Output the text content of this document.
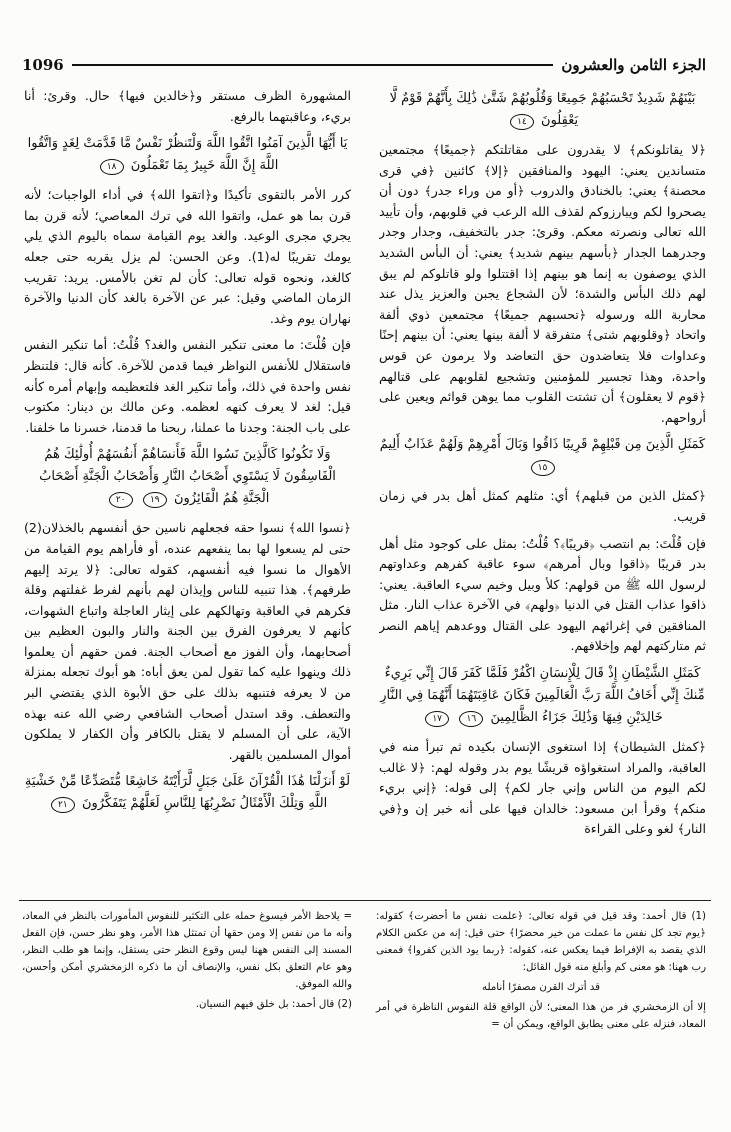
الجزء الثامن والعشرون
1096
بَيْنَهُمْ شَدِيدٌ تَحْسَبُهُمْ جَمِيعًا وَقُلُوبُهُمْ شَتَّىٰ ذَٰلِكَ بِأَنَّهُمْ قَوْمٌ لَّا يَعْقِلُونَ ١٤

﴿لا يقاتلونكم﴾ لا يقدرون على مقاتلتكم ﴿جميعًا﴾ مجتمعين متساندين يعني: اليهود والمنافقين ﴿إلا﴾ كائنين ﴿في قرى محصنة﴾ يعني: بالخنادق والدروب ﴿أو من وراء جدر﴾ دون أن يصحروا لكم ويبارزوكم لقذف الله الرعب في قلوبهم، وأن تأييد الله تعالى ونصرته معكم. وقرئ: جدر بالتخفيف، وجدار وجدر وجدرهما الجدار ﴿بأسهم بينهم شديد﴾ يعني: أن البأس الشديد الذي يوصفون به إنما هو بينهم إذا اقتتلوا ولو قاتلوكم لم يبق لهم ذلك البأس والشدة؛ لأن الشجاع يجبن والعزيز يذل عند محاربة الله ورسوله ﴿تحسبهم جميعًا﴾ مجتمعين ذوي ألفة واتحاد ﴿وقلوبهم شتى﴾ متفرقة لا ألفة بينها يعني: أن بينهم إحنًا وعداوات فلا يتعاضدون حق التعاضد ولا يرمون عن قوس واحدة، وهذا تجسير للمؤمنين وتشجيع لقلوبهم على قتالهم ﴿قوم لا يعقلون﴾ أن تشتت القلوب مما يوهن قوائم ويعين على أرواحهم.

كَمَثَلِ الَّذِينَ مِن قَبْلِهِمْ قَرِيبًا ذَاقُوا وَبَالَ أَمْرِهِمْ وَلَهُمْ عَذَابٌ أَلِيمٌ ١٥

﴿كمثل الذين من قبلهم﴾ أي: مثلهم كمثل أهل بدر في زمان قريب.

فإن قُلْتَ: بم انتصب ﴿قريبًا﴾؟ قُلْتُ: بمثل على كوجود مثل أهل بدر قريبًا ﴿ذاقوا وبال أمرهم﴾ سوء عاقبة كفرهم وعداوتهم لرسول الله ﷺ من قولهم: كلأ وبيل وخيم سيء العاقبة. يعني: ذاقوا عذاب القتل في الدنيا ﴿ولهم﴾ في الآخرة عذاب النار. مثل المنافقين في إغرائهم اليهود على القتال ووعدهم إياهم النصر ثم متاركتهم لهم وإخلافهم.

كَمَثَلِ الشَّيْطَانِ إِذْ قَالَ لِلْإِنسَانِ اكْفُرْ فَلَمَّا كَفَرَ قَالَ إِنِّي بَرِيءٌ مِّنكَ إِنِّي أَخَافُ اللَّهَ رَبَّ الْعَالَمِينَ فَكَانَ عَاقِبَتَهُمَا أَنَّهُمَا فِي النَّارِ خَالِدَيْنِ فِيهَا وَذَٰلِكَ جَزَاءُ الظَّالِمِينَ ١٦ ١٧

﴿كمثل الشيطان﴾ إذا استغوى الإنسان بكيده ثم تبرأ منه في العاقبة، والمراد استغواؤه قريشًا يوم بدر وقوله لهم: ﴿لا غالب لكم اليوم من الناس وإني جار لكم﴾ إلى قوله: ﴿إني بريء منكم﴾ وقرأ ابن مسعود: خالدان فيها على أنه خبر إن و﴿في النار﴾ لغو وعلى القراءة

المشهورة الظرف مستقر و﴿خالدين فيها﴾ حال. وقرئ: أنا بريء، وعاقبتهما بالرفع.

يَا أَيُّهَا الَّذِينَ آمَنُوا اتَّقُوا اللَّهَ وَلْتَنظُرْ نَفْسٌ مَّا قَدَّمَتْ لِغَدٍ وَاتَّقُوا اللَّهَ إِنَّ اللَّهَ خَبِيرٌ بِمَا تَعْمَلُونَ ١٨

كرر الأمر بالتقوى تأكيدًا و﴿اتقوا الله﴾ في أداء الواجبات؛ لأنه قرن بما هو عمل، واتقوا الله في ترك المعاصي؛ لأنه قرن بما يجري مجرى الوعيد. والغد يوم القيامة سماه باليوم الذي يلي يومك تقريبًا له(1). وعن الحسن: لم يزل يقربه حتى جعله كالغد، ونحوه قوله تعالى: كأن لم تغن بالأمس. يريد: تقريب الزمان الماضي وقيل: عبر عن الآخرة بالغد كأن الدنيا والآخرة نهاران يوم وغد.

فإن قُلْتَ: ما معنى تنكير النفس والغد؟ قُلْتُ: أما تنكير النفس فاستقلال للأنفس النواظر فيما قدمن للآخرة. كأنه قال: فلتنظر نفس واحدة في ذلك، وأما تنكير الغد فلتعظيمه وإبهام أمره كأنه قيل: لغد لا يعرف كنهه لعظمه. وعن مالك بن دينار: مكتوب على باب الجنة: وجدنا ما عملنا، ربحنا ما قدمنا، خسرنا ما خلفنا.

وَلَا تَكُونُوا كَالَّذِينَ نَسُوا اللَّهَ فَأَنسَاهُمْ أَنفُسَهُمْ أُولَٰئِكَ هُمُ الْفَاسِقُونَ لَا يَسْتَوِي أَصْحَابُ النَّارِ وَأَصْحَابُ الْجَنَّةِ أَصْحَابُ الْجَنَّةِ هُمُ الْفَائِزُونَ ١٩ ٢٠

﴿نسوا الله﴾ نسوا حقه فجعلهم ناسين حق أنفسهم بالخذلان(2) حتى لم يسعوا لها بما ينفعهم عنده، أو فأراهم يوم القيامة من الأهوال ما نسوا فيه أنفسهم، كقوله تعالى: ﴿لا يرتد إليهم طرفهم﴾. هذا تنبيه للناس وإيذان لهم بأنهم لفرط غفلتهم وقلة فكرهم في العاقبة وتهالكهم على إيثار العاجلة واتباع الشهوات، كأنهم لا يعرفون الفرق بين الجنة والنار والبون العظيم بين أصحابهما، وأن الفوز مع أصحاب الجنة. فمن حقهم أن يعلموا ذلك وينهوا عليه كما تقول لمن يعق أباه: هو أبوك تجعله بمنزلة من لا يعرفه فتنبهه بذلك على حق الأبوة الذي يقتضي البر والتعطف. وقد استدل أصحاب الشافعي رضي الله عنه بهذه الآية، على أن المسلم لا يقتل بالكافر وأن الكفار لا يملكون أموال المسلمين بالقهر.

لَوْ أَنزَلْنَا هَٰذَا الْقُرْآنَ عَلَىٰ جَبَلٍ لَّرَأَيْتَهُ خَاشِعًا مُّتَصَدِّعًا مِّنْ خَشْيَةِ اللَّهِ وَتِلْكَ الْأَمْثَالُ نَضْرِبُهَا لِلنَّاسِ لَعَلَّهُمْ يَتَفَكَّرُونَ ٢١

(1) قال أحمد: وقد قيل في قوله تعالى: ﴿علمت نفس ما أحضرت﴾ كقوله: ﴿يوم تجد كل نفس ما عملت من خير محضرًا﴾ حتى قيل: إنه من عكس الكلام الذي يقصد به الإفراط فيما يعكس عنه، كقوله: ﴿ربما يود الذين كفروا﴾ فمعنى رب ههنا: هو معنى كم وأبلغ منه قول القائل:

قد أترك القرن مصفرًا أنامله

إلا أن الزمخشري فر من هذا المعنى؛ لأن الواقع قلة النفوس الناظرة في أمر المعاد، فنزله على معنى يطابق الواقع، ويمكن أن =

= يلاحظ الأمر فيسوغ حمله على التكثير للنفوس المأمورات بالنظر في المعاد، وأنه ما من نفس إلا ومن حقها أن تمتثل هذا الأمر، وهو نظر حسن، فإن الفعل المسند إلى النفس ههنا ليس وقوع النظر حتى يستقل، وإنما هو طلب النظر، وهو عام التعلق بكل نفس، والإنصاف أن ما ذكره الزمخشري أمكن وأحسن، والله الموفق.

(2) قال أحمد: بل خلق فيهم النسيان.
